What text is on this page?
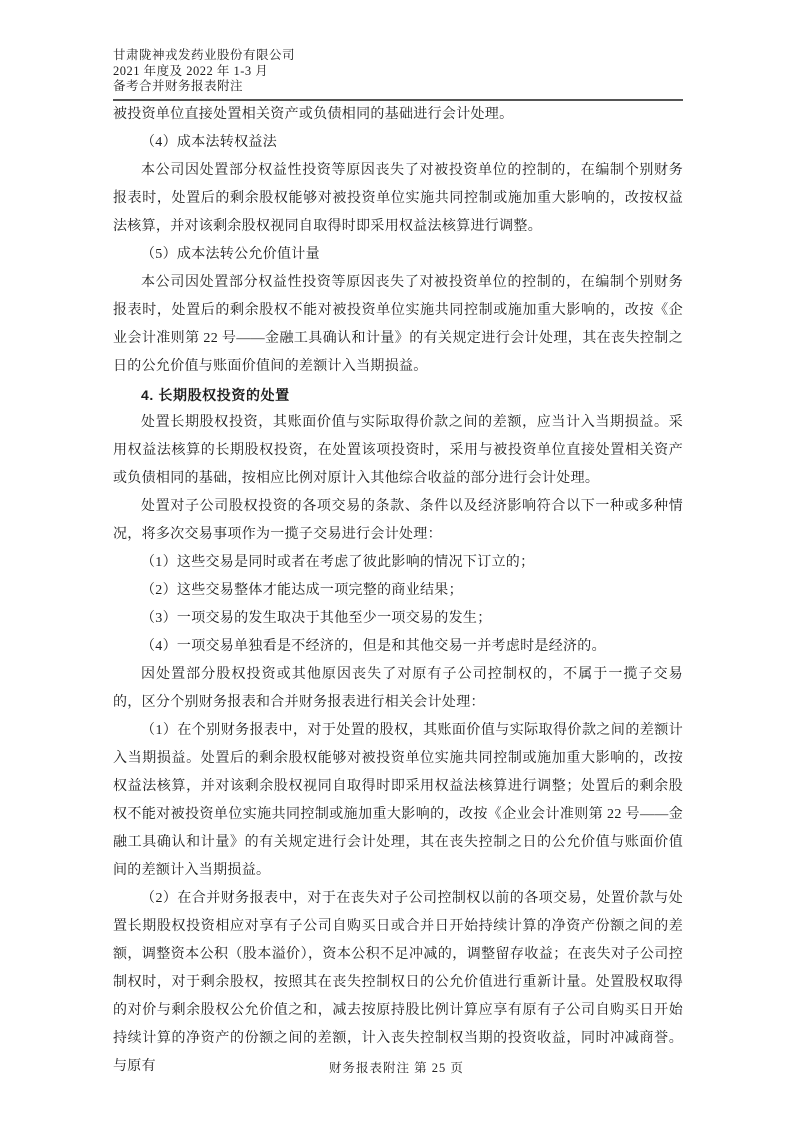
甘肃陇神戎发药业股份有限公司
2021 年度及 2022 年 1-3 月
备考合并财务报表附注

被投资单位直接处置相关资产或负债相同的基础进行会计处理。

（4）成本法转权益法

本公司因处置部分权益性投资等原因丧失了对被投资单位的控制的，在编制个别财务报表时，处置后的剩余股权能够对被投资单位实施共同控制或施加重大影响的，改按权益法核算，并对该剩余股权视同自取得时即采用权益法核算进行调整。

（5）成本法转公允价值计量

本公司因处置部分权益性投资等原因丧失了对被投资单位的控制的，在编制个别财务报表时，处置后的剩余股权不能对被投资单位实施共同控制或施加重大影响的，改按《企业会计准则第 22 号——金融工具确认和计量》的有关规定进行会计处理，其在丧失控制之日的公允价值与账面价值间的差额计入当期损益。

4. 长期股权投资的处置

处置长期股权投资，其账面价值与实际取得价款之间的差额，应当计入当期损益。采用权益法核算的长期股权投资，在处置该项投资时，采用与被投资单位直接处置相关资产或负债相同的基础，按相应比例对原计入其他综合收益的部分进行会计处理。

处置对子公司股权投资的各项交易的条款、条件以及经济影响符合以下一种或多种情况，将多次交易事项作为一揽子交易进行会计处理：

（1）这些交易是同时或者在考虑了彼此影响的情况下订立的；

（2）这些交易整体才能达成一项完整的商业结果；

（3）一项交易的发生取决于其他至少一项交易的发生；

（4）一项交易单独看是不经济的，但是和其他交易一并考虑时是经济的。

因处置部分股权投资或其他原因丧失了对原有子公司控制权的，不属于一揽子交易的，区分个别财务报表和合并财务报表进行相关会计处理：

（1）在个别财务报表中，对于处置的股权，其账面价值与实际取得价款之间的差额计入当期损益。处置后的剩余股权能够对被投资单位实施共同控制或施加重大影响的，改按权益法核算，并对该剩余股权视同自取得时即采用权益法核算进行调整；处置后的剩余股权不能对被投资单位实施共同控制或施加重大影响的，改按《企业会计准则第 22 号——金融工具确认和计量》的有关规定进行会计处理，其在丧失控制之日的公允价值与账面价值间的差额计入当期损益。

（2）在合并财务报表中，对于在丧失对子公司控制权以前的各项交易，处置价款与处置长期股权投资相应对享有子公司自购买日或合并日开始持续计算的净资产份额之间的差额，调整资本公积（股本溢价），资本公积不足冲减的，调整留存收益；在丧失对子公司控制权时，对于剩余股权，按照其在丧失控制权日的公允价值进行重新计量。处置股权取得的对价与剩余股权公允价值之和，减去按原持股比例计算应享有原有子公司自购买日开始持续计算的净资产的份额之间的差额，计入丧失控制权当期的投资收益，同时冲减商誉。与原有	财务报表附注 第 25 页
